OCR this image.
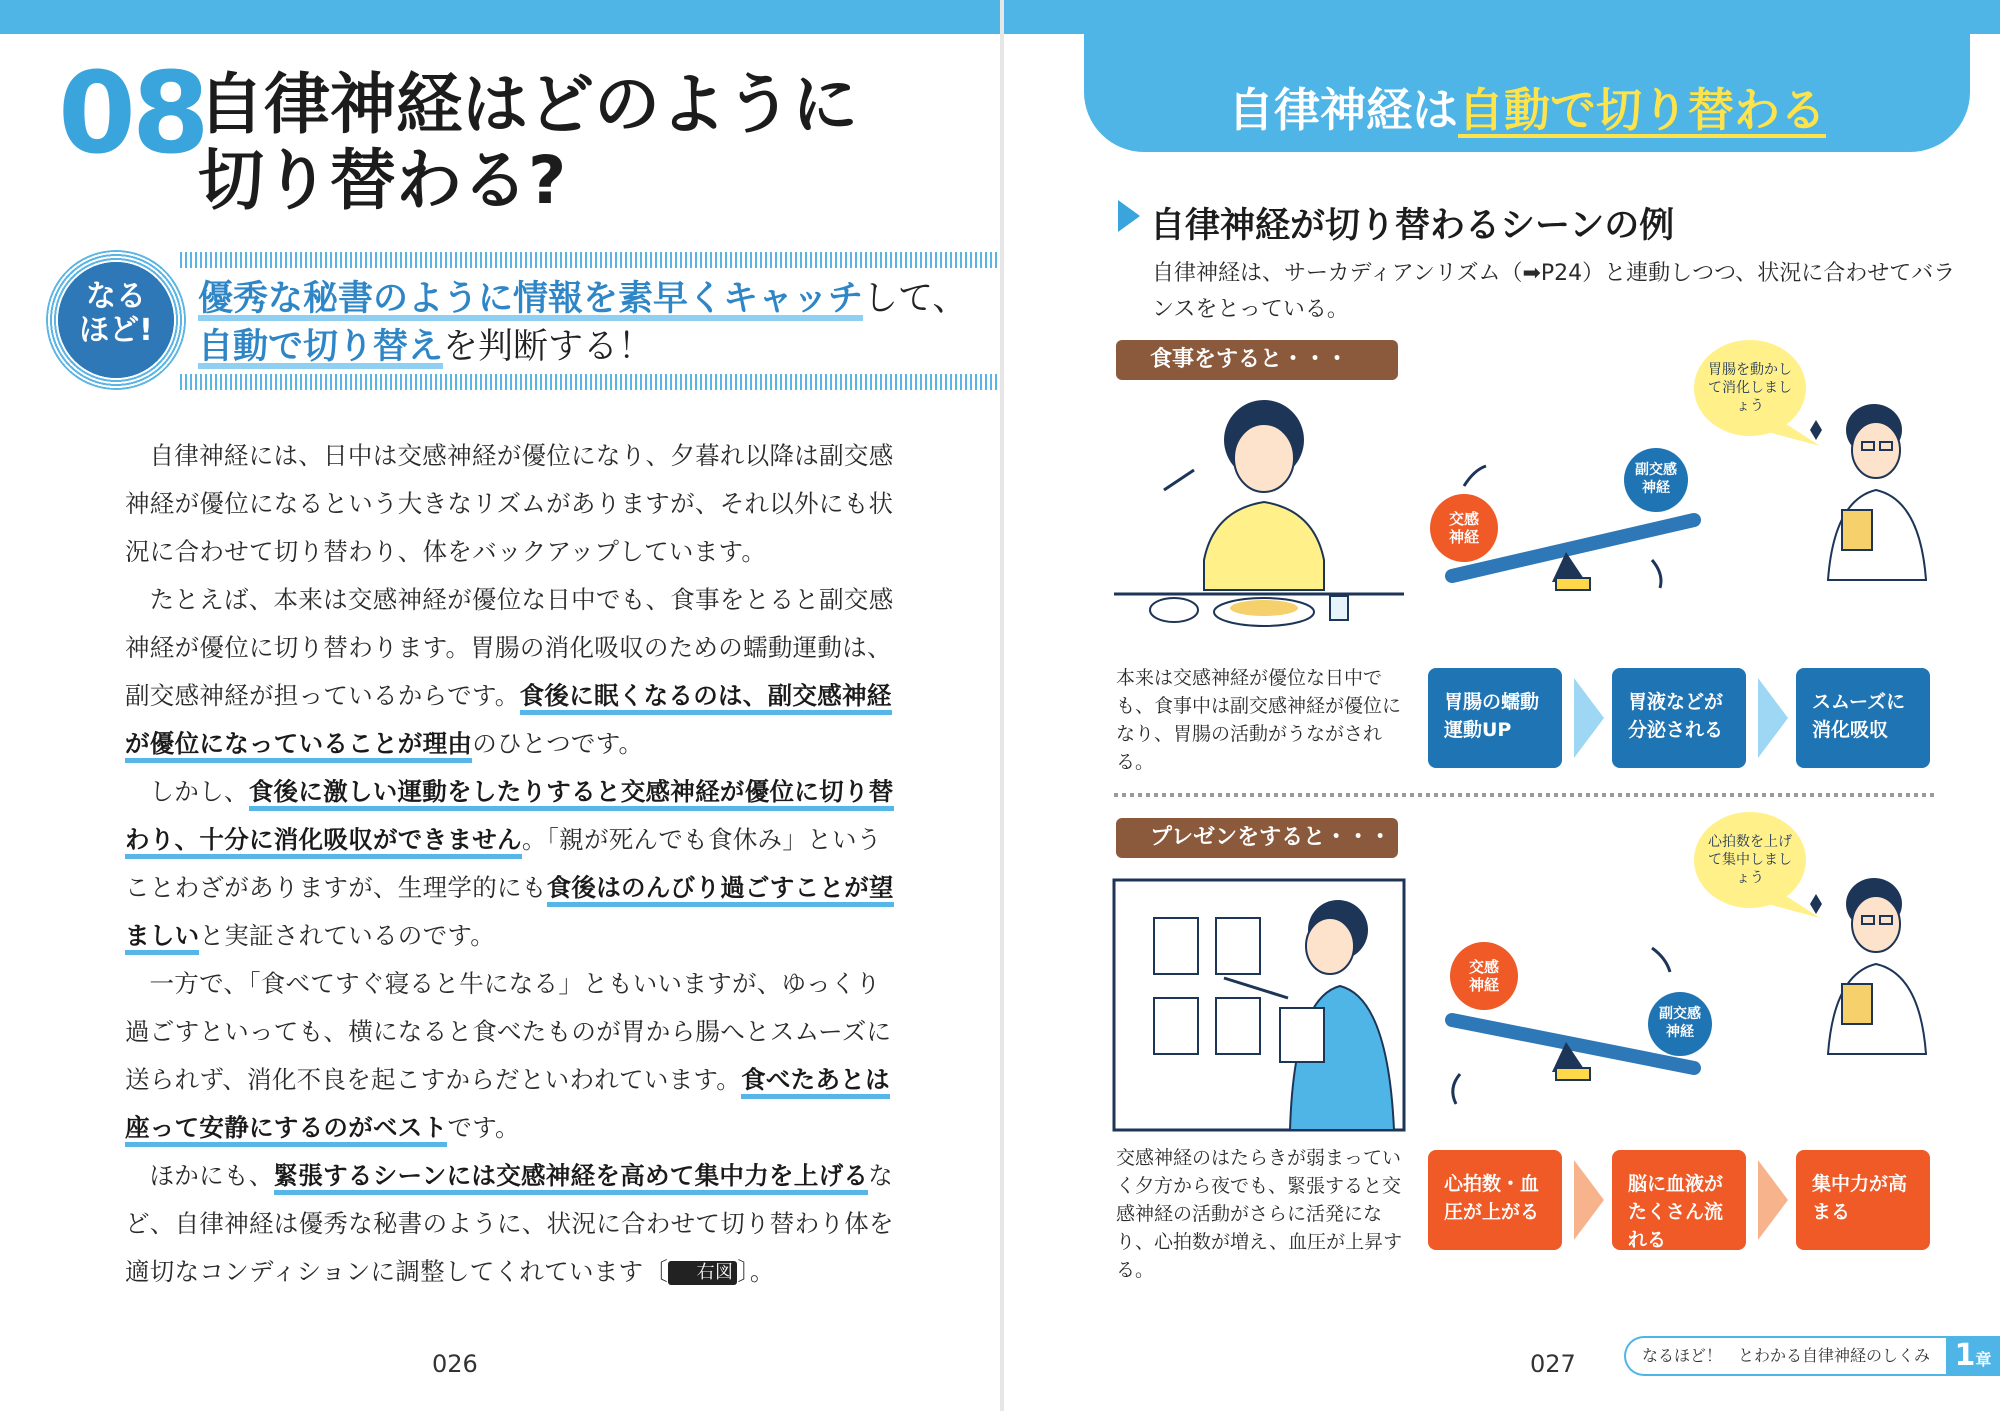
08
自律神経はどのように
切り替わる?
なる
ほど!
優秀な秘書のように情報を素早くキャッチして、
自動で切り替えを判断する！

自律神経には、日中は交感神経が優位になり、夕暮れ以降は副交感神経が優位になるという大きなリズムがありますが、それ以外にも状況に合わせて切り替わり、体をバックアップしています。

たとえば、本来は交感神経が優位な日中でも、食事をとると副交感神経が優位に切り替わります。胃腸の消化吸収のための蠕動運動は、副交感神経が担っているからです。食後に眠くなるのは、副交感神経が優位になっていることが理由のひとつです。

しかし、食後に激しい運動をしたりすると交感神経が優位に切り替わり、十分に消化吸収ができません。「親が死んでも食休み」ということわざがありますが、生理学的にも食後はのんびり過ごすことが望ましいと実証されているのです。

一方で、「食べてすぐ寝ると牛になる」ともいいますが、ゆっくり過ごすといっても、横になると食べたものが胃から腸へとスムーズに送られず、消化不良を起こすからだといわれています。食べたあとは座って安静にするのがベストです。

ほかにも、緊張するシーンには交感神経を高めて集中力を上げるなど、自律神経は優秀な秘書のように、状況に合わせて切り替わり体を適切なコンディションに調整してくれています〔 右図 〕。

026
自律神経は自動で切り替わる
自律神経が切り替わるシーンの例
自律神経は、サーカディアンリズム（➡P24）と連動しつつ、状況に合わせてバランスをとっている。
食事をすると・・・
交感
神経
副交感
神経
胃腸を動かして消化しましょう
本来は交感神経が優位な日中でも、食事中は副交感神経が優位になり、胃腸の活動がうながされる。
胃腸の蠕動運動UP
胃液などが分泌される
スムーズに消化吸収
プレゼンをすると・・・
交感
神経
副交感
神経
心拍数を上げて集中しましょう
交感神経のはたらきが弱まっていく夕方から夜でも、緊張すると交感神経の活動がさらに活発になり、心拍数が増え、血圧が上昇する。
心拍数・血圧が上がる
脳に血液がたくさん流れる
集中力が高まる
027	なるほど！　とわかる自律神経のしくみ 1章
